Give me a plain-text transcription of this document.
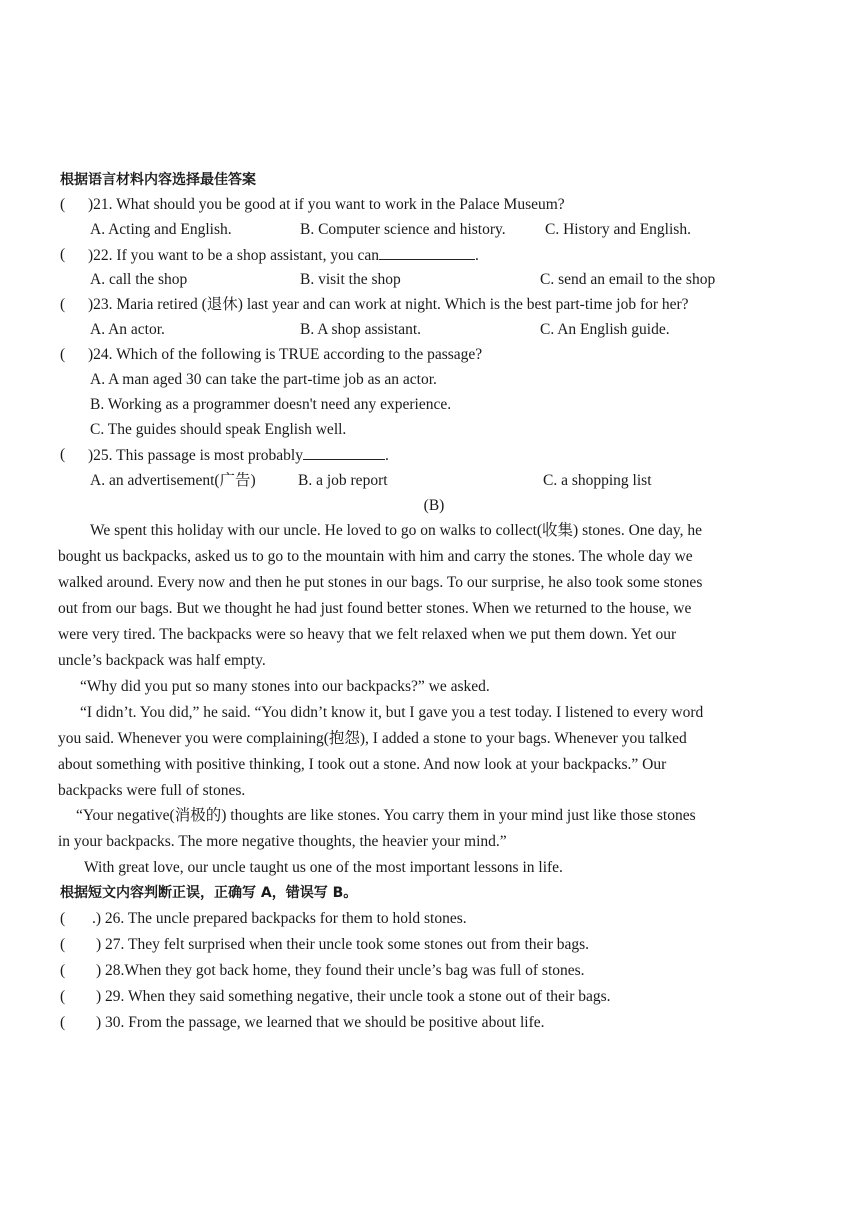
根据语言材料内容选择最佳答案
( )21. What should you be good at if you want to work in the Palace Museum?
A. Acting and English.	B. Computer science and history.	C. History and English.
( )22. If you want to be a shop assistant, you can	.
A. call the shop	B. visit the shop	C. send an email to the shop
( )23. Maria retired (退休) last year and can work at night. Which is the best part-time job for her?
A. An actor.	B. A shop assistant.	C. An English guide.
( )24. Which of the following is TRUE according to the passage?
A. A man aged 30 can take the part-time job as an actor.
B. Working as a programmer doesn't need any experience.
C. The guides should speak English well.
( )25. This passage is most probably	.
A. an advertisement(广告)	B. a job report	C. a shopping list
(B)
We spent this holiday with our uncle. He loved to go on walks to collect(收集) stones. One day, he
bought us backpacks, asked us to go to the mountain with him and carry the stones. The whole day we
walked around. Every now and then he put stones in our bags. To our surprise, he also took some stones
out from our bags. But we thought he had just found better stones. When we returned to the house, we
were very tired. The backpacks were so heavy that we felt relaxed when we put them down. Yet our
uncle’s backpack was half empty.
“Why did you put so many stones into our backpacks?” we asked.
“I didn’t. You did,” he said. “You didn’t know it, but I gave you a test today. I listened to every word
you said. Whenever you were complaining(抱怨), I added a stone to your bags. Whenever you talked
about something with positive thinking, I took out a stone. And now look at your backpacks.” Our
backpacks were full of stones.
“Your negative(消极的) thoughts are like stones. You carry them in your mind just like those stones
in your backpacks. The more negative thoughts, the heavier your mind.”
With great love, our uncle taught us one of the most important lessons in life.
根据短文内容判断正误，正确写 A，错误写 B。
( .) 26. The uncle prepared backpacks for them to hold stones.
( ) 27. They felt surprised when their uncle took some stones out from their bags.
( ) 28.When they got back home, they found their uncle’s bag was full of stones.
( ) 29. When they said something negative, their uncle took a stone out of their bags.
( ) 30. From the passage, we learned that we should be positive about life.
